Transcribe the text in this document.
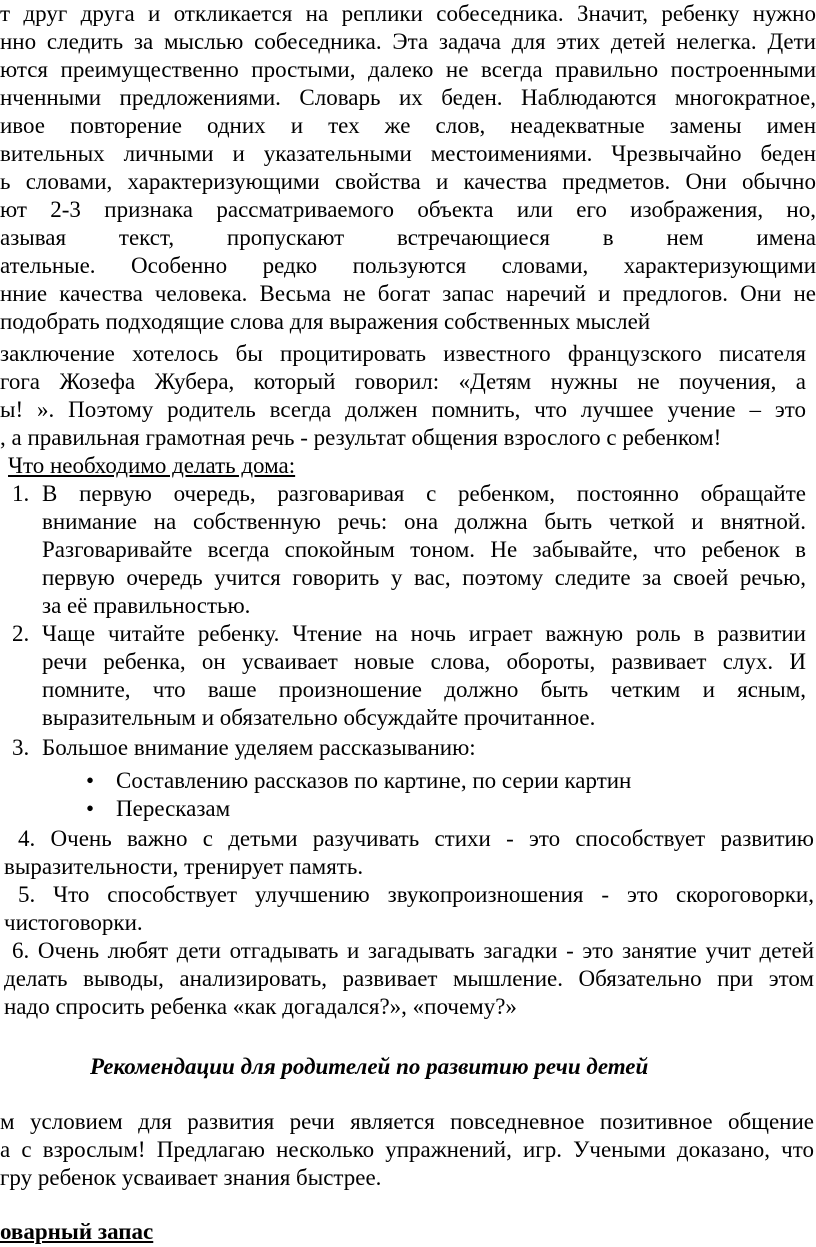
т друг друга и откликается на реплики собеседника. Значит, ребенку нужно
нно следить за мыслью собеседника. Эта задача для этих детей нелегка. Дети
ются преимущественно простыми, далеко не всегда правильно построенными
нченными предложениями. Словарь их беден. Наблюдаются многократное,
ивое повторение одних и тех же слов, неадекватные замены имен
вительных личными и указательными местоимениями. Чрезвычайно беден
ь словами, характеризующими свойства и качества предметов. Они обычно
ют 2-3 признака рассматриваемого объекта или его изображения, но,
азывая текст, пропускают встречающиеся в нем имена
ательные. Особенно редко пользуются словами, характеризующими
нние качества человека. Весьма не богат запас наречий и предлогов. Они не
подобрать подходящие слова для выражения собственных мыслей
заключение хотелось бы процитировать известного французского писателя
гога Жозефа Жубера, который говорил: «Детям нужны не поучения, а
ы! ». Поэтому родитель всегда должен помнить, что лучшее учение – это
, а правильная грамотная речь - результат общения взрослого с ребенком!
Что необходимо делать дома:
1. В первую очередь, разговаривая с ребенком, постоянно обращайте
внимание на собственную речь: она должна быть четкой и внятной.
Разговаривайте всегда спокойным тоном. Не забывайте, что ребенок в
первую очередь учится говорить у вас, поэтому следите за своей речью,
за её правильностью.
2. Чаще читайте ребенку. Чтение на ночь играет важную роль в развитии
речи ребенка, он усваивает новые слова, обороты, развивает слух. И
помните, что ваше произношение должно быть четким и ясным,
выразительным и обязательно обсуждайте прочитанное.
3. Большое внимание уделяем рассказыванию:
• Составлению рассказов по картине, по серии картин
• Пересказам
4. Очень важно с детьми разучивать стихи - это способствует развитию
выразительности, тренирует память.
5. Что способствует улучшению звукопроизношения - это скороговорки,
чистоговорки.
6. Очень любят дети отгадывать и загадывать загадки - это занятие учит детей
делать выводы, анализировать, развивает мышление. Обязательно при этом
надо спросить ребенка «как догадался?», «почему?»
Рекомендации для родителей по развитию речи детей
м условием для развития речи является повседневное позитивное общение
а с взрослым! Предлагаю несколько упражнений, игр. Учеными доказано, что
гру ребенок усваивает знания быстрее.
оварный запас
